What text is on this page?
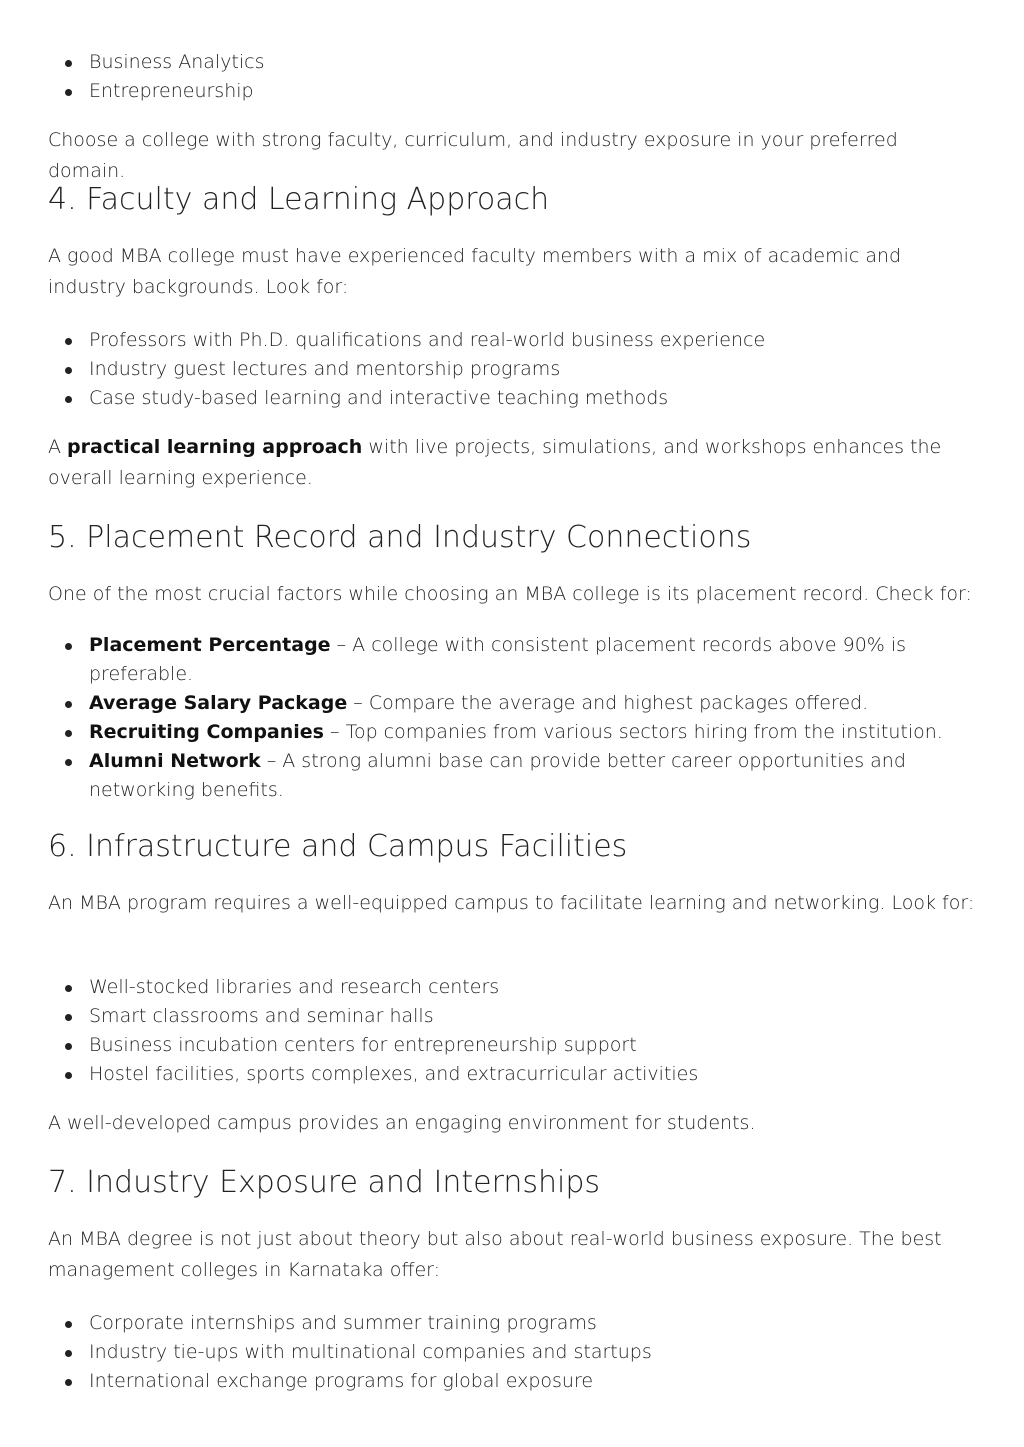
Business Analytics
Entrepreneurship

Choose a college with strong faculty, curriculum, and industry exposure in your preferred domain.

4. Faculty and Learning Approach

A good MBA college must have experienced faculty members with a mix of academic and industry backgrounds. Look for:

Professors with Ph.D. qualifications and real-world business experience
Industry guest lectures and mentorship programs
Case study-based learning and interactive teaching methods

A practical learning approach with live projects, simulations, and workshops enhances the overall learning experience.

5. Placement Record and Industry Connections

One of the most crucial factors while choosing an MBA college is its placement record. Check for:

Placement Percentage – A college with consistent placement records above 90% is preferable.
Average Salary Package – Compare the average and highest packages offered.
Recruiting Companies – Top companies from various sectors hiring from the institution.
Alumni Network – A strong alumni base can provide better career opportunities and networking benefits.
6. Infrastructure and Campus Facilities

An MBA program requires a well-equipped campus to facilitate learning and networking. Look for:

Well-stocked libraries and research centers
Smart classrooms and seminar halls
Business incubation centers for entrepreneurship support
Hostel facilities, sports complexes, and extracurricular activities

A well-developed campus provides an engaging environment for students.

7. Industry Exposure and Internships

An MBA degree is not just about theory but also about real-world business exposure. The best management colleges in Karnataka offer:

Corporate internships and summer training programs
Industry tie-ups with multinational companies and startups
International exchange programs for global exposure
